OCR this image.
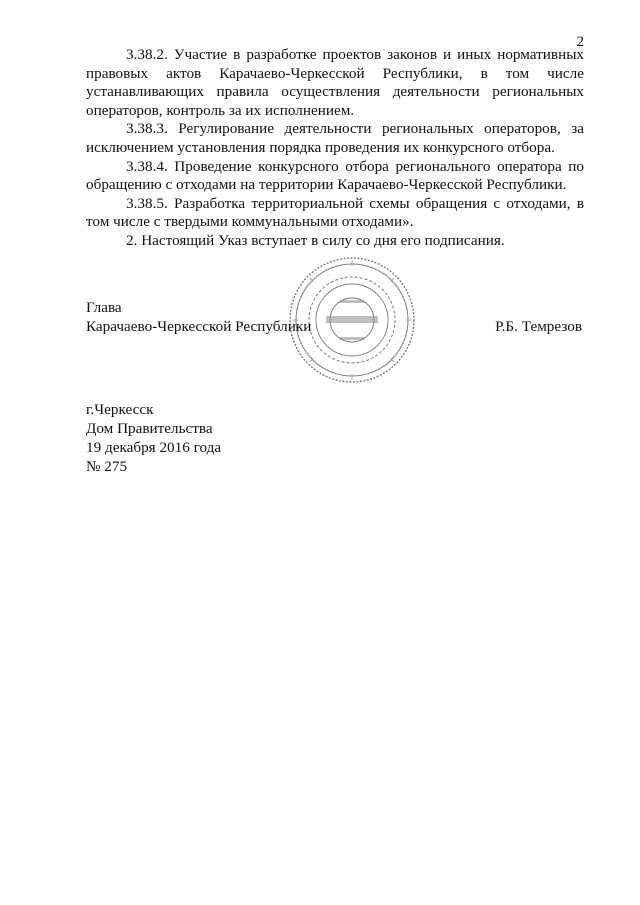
2

3.38.2. Участие в разработке проектов законов и иных нормативных правовых актов Карачаево-Черкесской Республики, в том числе устанавливающих правила осуществления деятельности региональных операторов, контроль за их исполнением.

3.38.3. Регулирование деятельности региональных операторов, за исключением установления порядка проведения их конкурсного отбора.

3.38.4. Проведение конкурсного отбора регионального оператора по обращению с отходами на территории Карачаево-Черкесской Республики.

3.38.5. Разработка территориальной схемы обращения с отходами, в том числе с твердыми коммунальными отходами».

2. Настоящий Указ вступает в силу со дня его подписания.

Глава
Карачаево-Черкесской Республики	Р.Б. Темрезов
г.Черкесск
Дом Правительства
19 декабря 2016 года
№ 275
